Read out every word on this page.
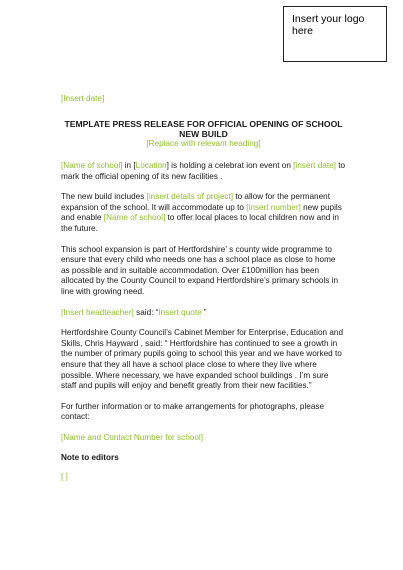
Insert your logo here

[Insert date]

TEMPLATE PRESS RELEASE FOR OFFICIAL OPENING OF SCHOOL NEW BUILD

[Replace with relevant heading]

[Name of school] in [Location] is holding a celebrat ion event on [insert date] to mark the official opening of its new facilities .

The new build includes [insert details of project] to allow for the permanent expansion of the school. It will accommodate up to [insert number] new pupils and enable [Name of school] to offer local places to local children now and in the future.

This school expansion is part of Hertfordshire’ s county wide programme to ensure that every child who needs one has a school place as close to home as possible and in suitable accommodation. Over £100million has been allocated by the County Council to expand Hertfordshire’s primary schools in line with growing need.

[Insert headteacher] said: “Insert quote ”

Hertfordshire County Council’s Cabinet Member for Enterprise, Education and Skills, Chris Hayward , said: “ Hertfordshire has continued to see a growth in the number of primary pupils going to school this year and we have worked to ensure that they all have a school place close to where they live where possible. Where necessary, we have expanded school buildings . I’m sure staff and pupils will enjoy and benefit greatly from their new facilities.”

For further information or to make arrangements for photographs, please contact:

[Name and Contact Number for school]

Note to editors

[ ]
